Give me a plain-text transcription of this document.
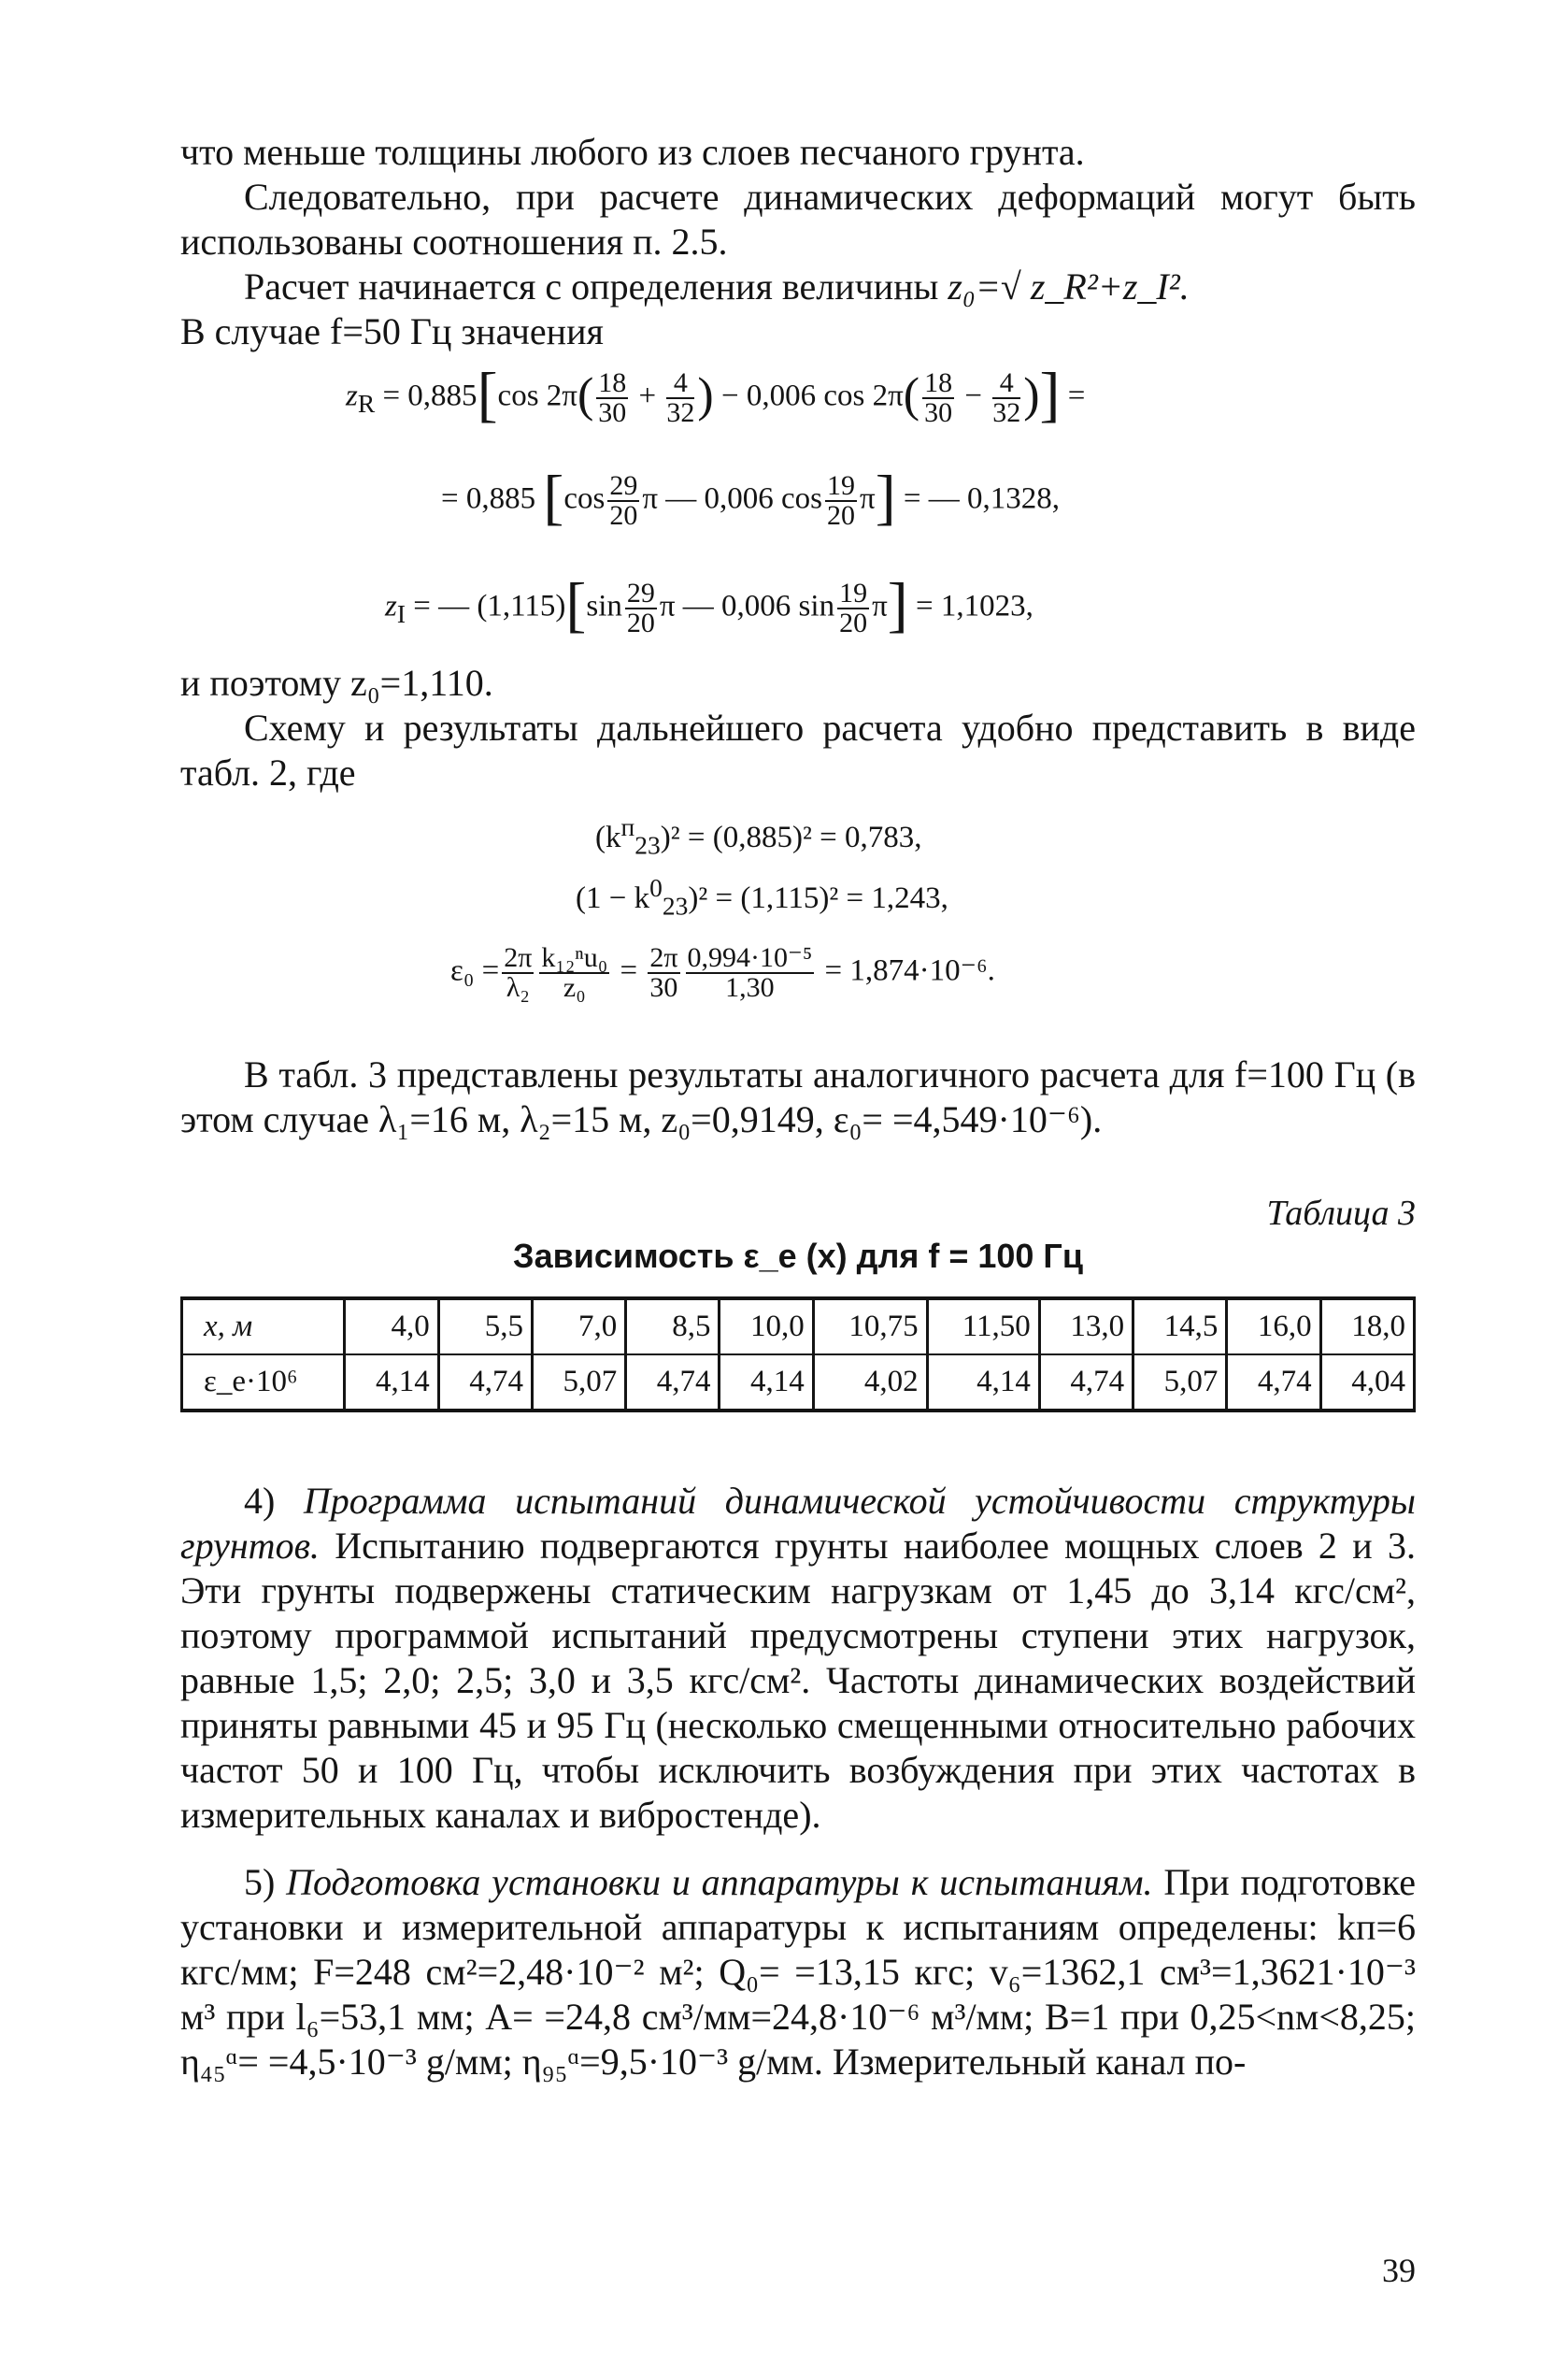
что меньше толщины любого из слоев песчаного грунта.

Следовательно, при расчете динамических деформаций могут быть использованы соотношения п. 2.5.

Расчет начинается с определения величины z₀=√ z_R²+z_I².

В случае f=50 Гц значения

$z_R = 0,885[\cos$ $2\pi( \frac{18}{30} + \frac{4}{32}$ ) − 0,006 $\cos 2\pi( \frac{18}{30} - \frac{4}{32}$ )] =
= 0,885 [$\cos \frac{29}{20}$ π — 0,006 $\cos \frac{19}{20} \pi$] = — 0,1328,
$z_I$ = — $(1,115)[\sin \frac{29}{20}$ π — 0,006 $\sin \frac{19}{20} \pi] = 1,1023$,

и поэтому z₀=1,110.

Схему и результаты дальнейшего расчета удобно представить в виде табл. 2, где

$(k^п_{23})^2 = (0,885)^2 = 0,783$,
$(1 - k^0_{23})^2 = (1,115)^2 = 1,243$,
$\varepsilon_0 = \frac{2\pi}{\text{λ₂}} \frac{\text{k₁₂ⁿu₀}}{\text{z₀}} = \frac{2\pi}{30} \frac{\text{0,994·10⁻⁵}}{1,30} = 1,874\cdot 10^{-6}$.

В табл. 3 представлены результаты аналогичного расчета для f=100 Гц (в этом случае λ₁=16 м, λ₂=15 м, z₀=0,9149, ε₀= =4,549·10⁻⁶).

Таблица 3
Зависимость ε_e (x) для f = 100 Гц
x, м	4,0	5,5	7,0	8,5	10,0	10,75	11,50	13,0	14,5	16,0	18,0
ε_e·10⁶	4,14	4,74	5,07	4,74	4,14	4,02	4,14	4,74	5,07	4,74	4,04

4) Программа испытаний динамической устойчивости структуры грунтов. Испытанию подвергаются грунты наиболее мощных слоев 2 и 3. Эти грунты подвержены статическим нагрузкам от 1,45 до 3,14 кгс/см², поэтому программой испытаний предусмотрены ступени этих нагрузок, равные 1,5; 2,0; 2,5; 3,0 и 3,5 кгс/см². Частоты динамических воздействий приняты равными 45 и 95 Гц (несколько смещенными относительно рабочих частот 50 и 100 Гц, чтобы исключить возбуждения при этих частотах в измерительных каналах и вибростенде).

5) Подготовка установки и аппаратуры к испытаниям. При подготовке установки и измерительной аппаратуры к испытаниям определены: kп=6 кгс/мм; F=248 см²=2,48·10⁻² м²; Q₀= =13,15 кгс; v₆=1362,1 см³=1,3621·10⁻³ м³ при l₆=53,1 мм; A= =24,8 см³/мм=24,8·10⁻⁶ м³/мм; B=1 при 0,25<nм<8,25; η₄₅ᵅ= =4,5·10⁻³ g/мм; η₉₅ᵅ=9,5·10⁻³ g/мм. Измерительный канал по-

39
